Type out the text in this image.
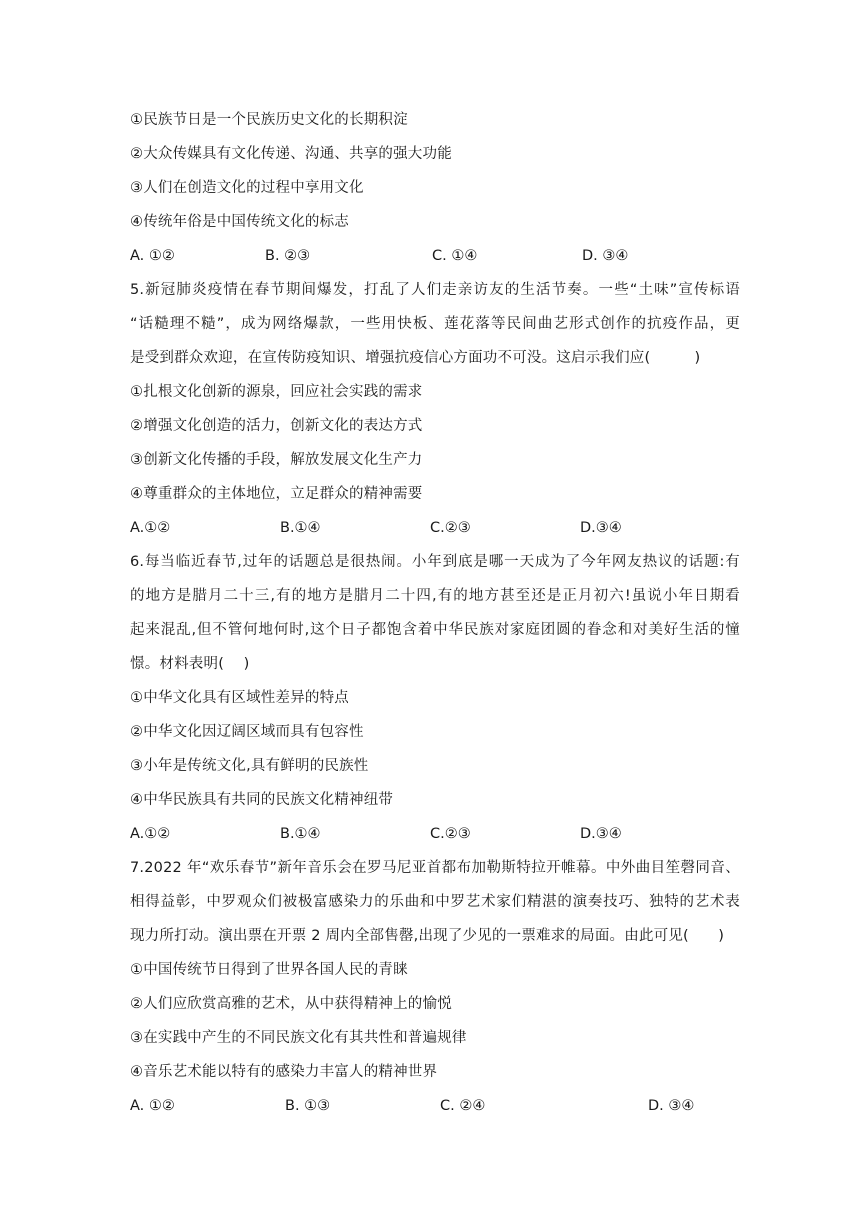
①民族节日是一个民族历史文化的长期积淀
②大众传媒具有文化传递、沟通、共享的强大功能
③人们在创造文化的过程中享用文化
④传统年俗是中国传统文化的标志
A. ①②	B. ②③	C. ①④	D. ③④
5.新冠肺炎疫情在春节期间爆发，打乱了人们走亲访友的生活节奏。一些“土味”宣传标语
“话糙理不糙”，成为网络爆款，一些用快板、莲花落等民间曲艺形式创作的抗疫作品，更
是受到群众欢迎，在宣传防疫知识、增强抗疫信心方面功不可没。这启示我们应(　　　)
①扎根文化创新的源泉，回应社会实践的需求
②增强文化创造的活力，创新文化的表达方式
③创新文化传播的手段，解放发展文化生产力
④尊重群众的主体地位，立足群众的精神需要
A.①②	B.①④	C.②③	D.③④
6.每当临近春节,过年的话题总是很热闹。小年到底是哪一天成为了今年网友热议的话题:有
的地方是腊月二十三,有的地方是腊月二十四,有的地方甚至还是正月初六!虽说小年日期看
起来混乱,但不管何地何时,这个日子都饱含着中华民族对家庭团圆的眷念和对美好生活的憧
憬。材料表明(　 )
①中华文化具有区域性差异的特点
②中华文化因辽阔区域而具有包容性
③小年是传统文化,具有鲜明的民族性
④中华民族具有共同的民族文化精神纽带
A.①②	B.①④	C.②③	D.③④
7.2022 年“欢乐春节”新年音乐会在罗马尼亚首都布加勒斯特拉开帷幕。中外曲目笙磬同音、
相得益彰，中罗观众们被极富感染力的乐曲和中罗艺术家们精湛的演奏技巧、独特的艺术表
现力所打动。演出票在开票 2 周内全部售罄,出现了少见的一票难求的局面。由此可见(　　)
①中国传统节日得到了世界各国人民的青睐
②人们应欣赏高雅的艺术，从中获得精神上的愉悦
③在实践中产生的不同民族文化有其共性和普遍规律
④音乐艺术能以特有的感染力丰富人的精神世界
A. ①②	B. ①③	C. ②④	D. ③④
